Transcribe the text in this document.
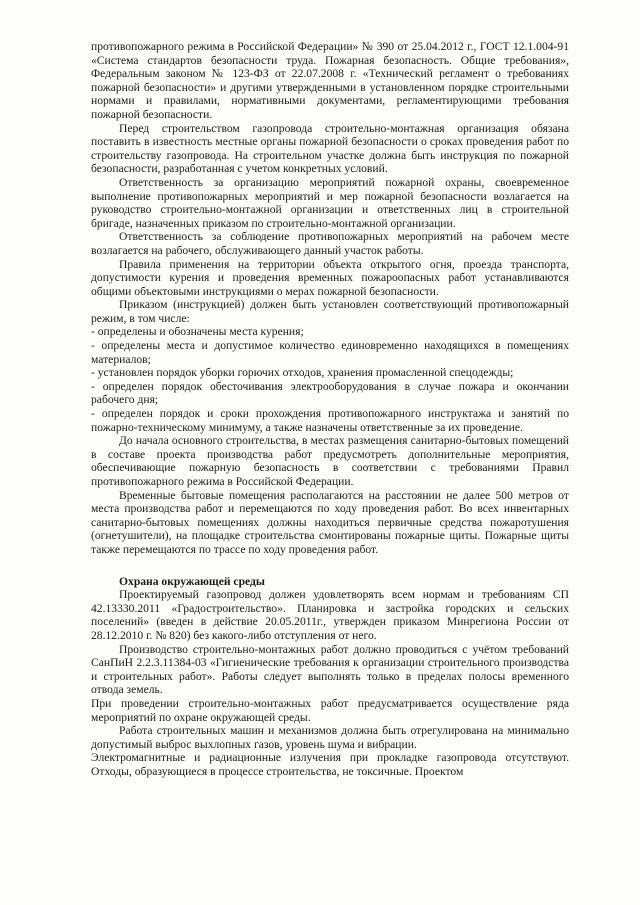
противопожарного режима в Российской Федерации» № 390 от 25.04.2012 г., ГОСТ 12.1.004-91 «Система стандартов безопасности труда. Пожарная безопасность. Общие требования», Федеральным законом № 123-ФЗ от 22.07.2008 г. «Технический регламент о требованиях пожарной безопасности» и другими утвержденными в установленном порядке строительными нормами и правилами, нормативными документами, регламентирующими требования пожарной безопасности.

Перед строительством газопровода строительно-монтажная организация обязана поставить в известность местные органы пожарной безопасности о сроках проведения работ по строительству газопровода. На строительном участке должна быть инструкция по пожарной безопасности, разработанная с учетом конкретных условий.

Ответственность за организацию мероприятий пожарной охраны, своевременное выполнение противопожарных мероприятий и мер пожарной безопасности возлагается на руководство строительно-монтажной организации и ответственных лиц в строительной бригаде, назначенных приказом по строительно-монтажной организации.

Ответственность за соблюдение противопожарных мероприятий на рабочем месте возлагается на рабочего, обслуживающего данный участок работы.

Правила применения на территории объекта открытого огня, проезда транспорта, допустимости курения и проведения временных пожароопасных работ устанавливаются общими объектовыми инструкциями о мерах пожарной безопасности.

Приказом (инструкцией) должен быть установлен соответствующий противопожарный режим, в том числе:

- определены и обозначены места курения;

- определены места и допустимое количество единовременно находящихся в помещениях материалов;

- установлен порядок уборки горючих отходов, хранения промасленной спецодежды;

- определен порядок обесточивания электрооборудования в случае пожара и окончании рабочего дня;

- определен порядок и сроки прохождения противопожарного инструктажа и занятий по пожарно-техническому минимуму, а также назначены ответственные за их проведение.

До начала основного строительства, в местах размещения санитарно-бытовых помещений в составе проекта производства работ предусмотреть дополнительные мероприятия, обеспечивающие пожарную безопасность в соответствии с требованиями Правил противопожарного режима в Российской Федерации.

Временные бытовые помещения располагаются на расстоянии не далее 500 метров от места производства работ и перемещаются по ходу проведения работ. Во всех инвентарных санитарно-бытовых помещениях должны находиться первичные средства пожаротушения (огнетушители), на площадке строительства смонтированы пожарные щиты. Пожарные щиты также перемещаются по трассе по ходу проведения работ.

Охрана окружающей среды

Проектируемый газопровод должен удовлетворять всем нормам и требованиям СП 42.13330.2011 «Градостроительство». Планировка и застройка городских и сельских поселений» (введен в действие 20.05.2011г., утвержден приказом Минрегиона России от 28.12.2010 г. № 820) без какого-либо отступления от него.

Производство строительно-монтажных работ должно проводиться с учётом требований СанПиН 2.2.3.11384-03 «Гигиенические требования к организации строительного производства и строительных работ». Работы следует выполнять только в пределах полосы временного отвода земель.

При проведении строительно-монтажных работ предусматривается осуществление ряда мероприятий по охране окружающей среды.

Работа строительных машин и механизмов должна быть отрегулирована на минимально допустимый выброс выхлопных газов, уровень шума и вибрации.

Электромагнитные и радиационные излучения при прокладке газопровода отсутствуют. Отходы, образующиеся в процессе строительства, не токсичные. Проектом
